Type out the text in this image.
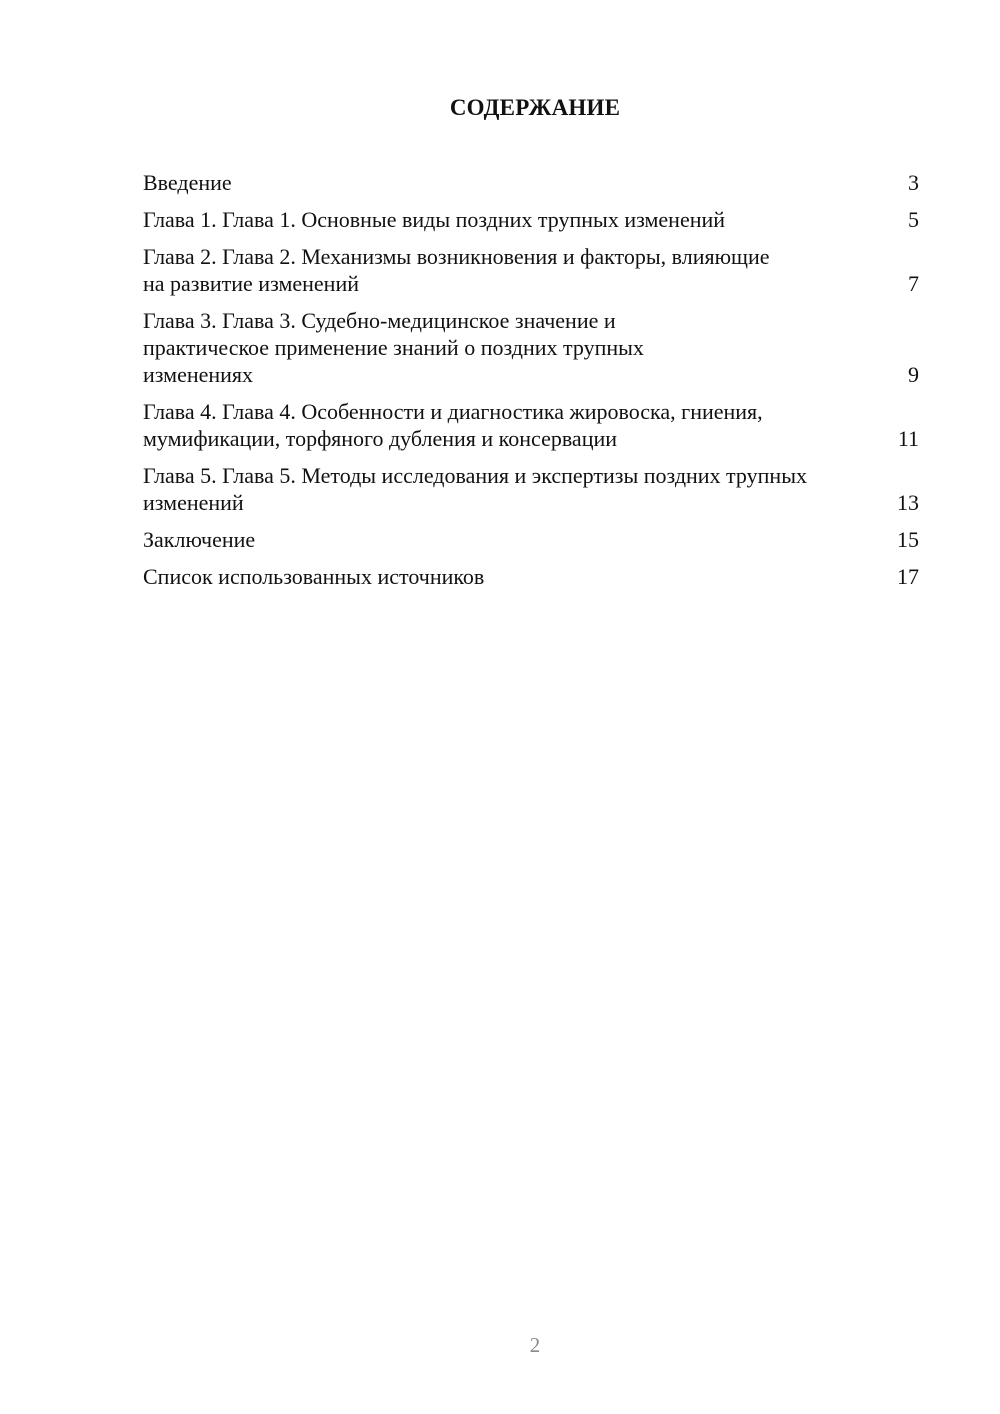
СОДЕРЖАНИЕ
Введение	3
Глава 1. Глава 1. Основные виды поздних трупных изменений	5
Глава 2. Глава 2. Механизмы возникновения и факторы, влияющие на развитие изменений	7
Глава 3. Глава 3. Судебно-медицинское значение и практическое применение знаний о поздних трупных изменениях	9
Глава 4. Глава 4. Особенности и диагностика жировоска, гниения, мумификации, торфяного дубления и консервации	11
Глава 5. Глава 5. Методы исследования и экспертизы поздних трупных изменений	13
Заключение	15
Список использованных источников	17
2
